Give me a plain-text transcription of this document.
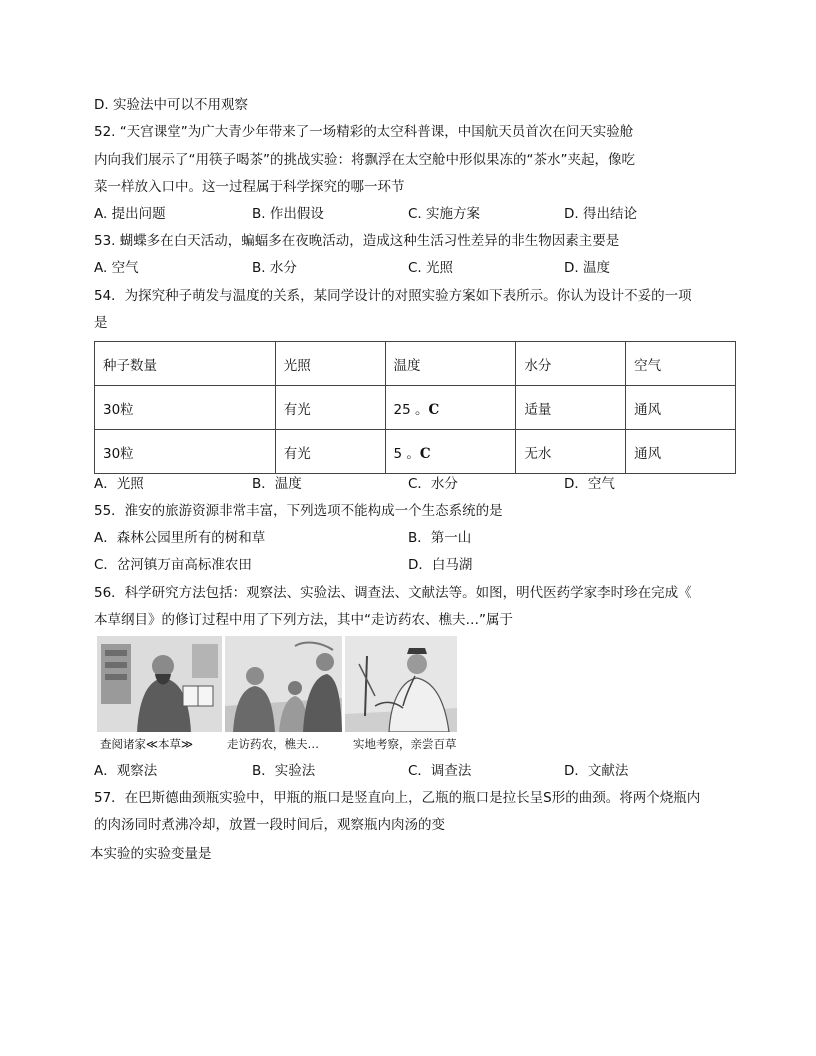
D. 实验法中可以不用观察
52. “天宫课堂”为广大青少年带来了一场精彩的太空科普课，中国航天员首次在问天实验舱
内向我们展示了“用筷子喝茶”的挑战实验：将飘浮在太空舱中形似果冻的“茶水”夹起，像吃
菜一样放入口中。这一过程属于科学探究的哪一环节
A. 提出问题	B. 作出假设	C. 实施方案	D. 得出结论
53. 蝴蝶多在白天活动，蝙蝠多在夜晚活动，造成这种生活习性差异的非生物因素主要是
A. 空气	B. 水分	C. 光照	D. 温度
54．为探究种子萌发与温度的关系，某同学设计的对照实验方案如下表所示。你认为设计不妥的一项
是
种子数量	光照	温度	水分	空气
30粒	有光	25 。C	适量	通风
30粒	有光	5 。C	无水	通风
A．光照	B．温度	C．水分	D．空气
55．淮安的旅游资源非常丰富，下列选项不能构成一个生态系统的是
A．森林公园里所有的树和草	B．第一山
C．岔河镇万亩高标准农田	D．白马湖
56．科学研究方法包括：观察法、实验法、调查法、文献法等。如图，明代医药学家李时珍在完成《
本草纲目》的修订过程中用了下列方法，其中“走访药农、樵夫…”属于
查阅诸家≪本草≫	走访药农，樵夫…	实地考察，亲尝百草
A．观察法	B．实验法	C．调查法	D．文献法
57．在巴斯德曲颈瓶实验中，甲瓶的瓶口是竖直向上，乙瓶的瓶口是拉长呈S形的曲颈。将两个烧瓶内
的肉汤同时煮沸冷却，放置一段时间后，观察瓶内肉汤的变
本实验的实验变量是
